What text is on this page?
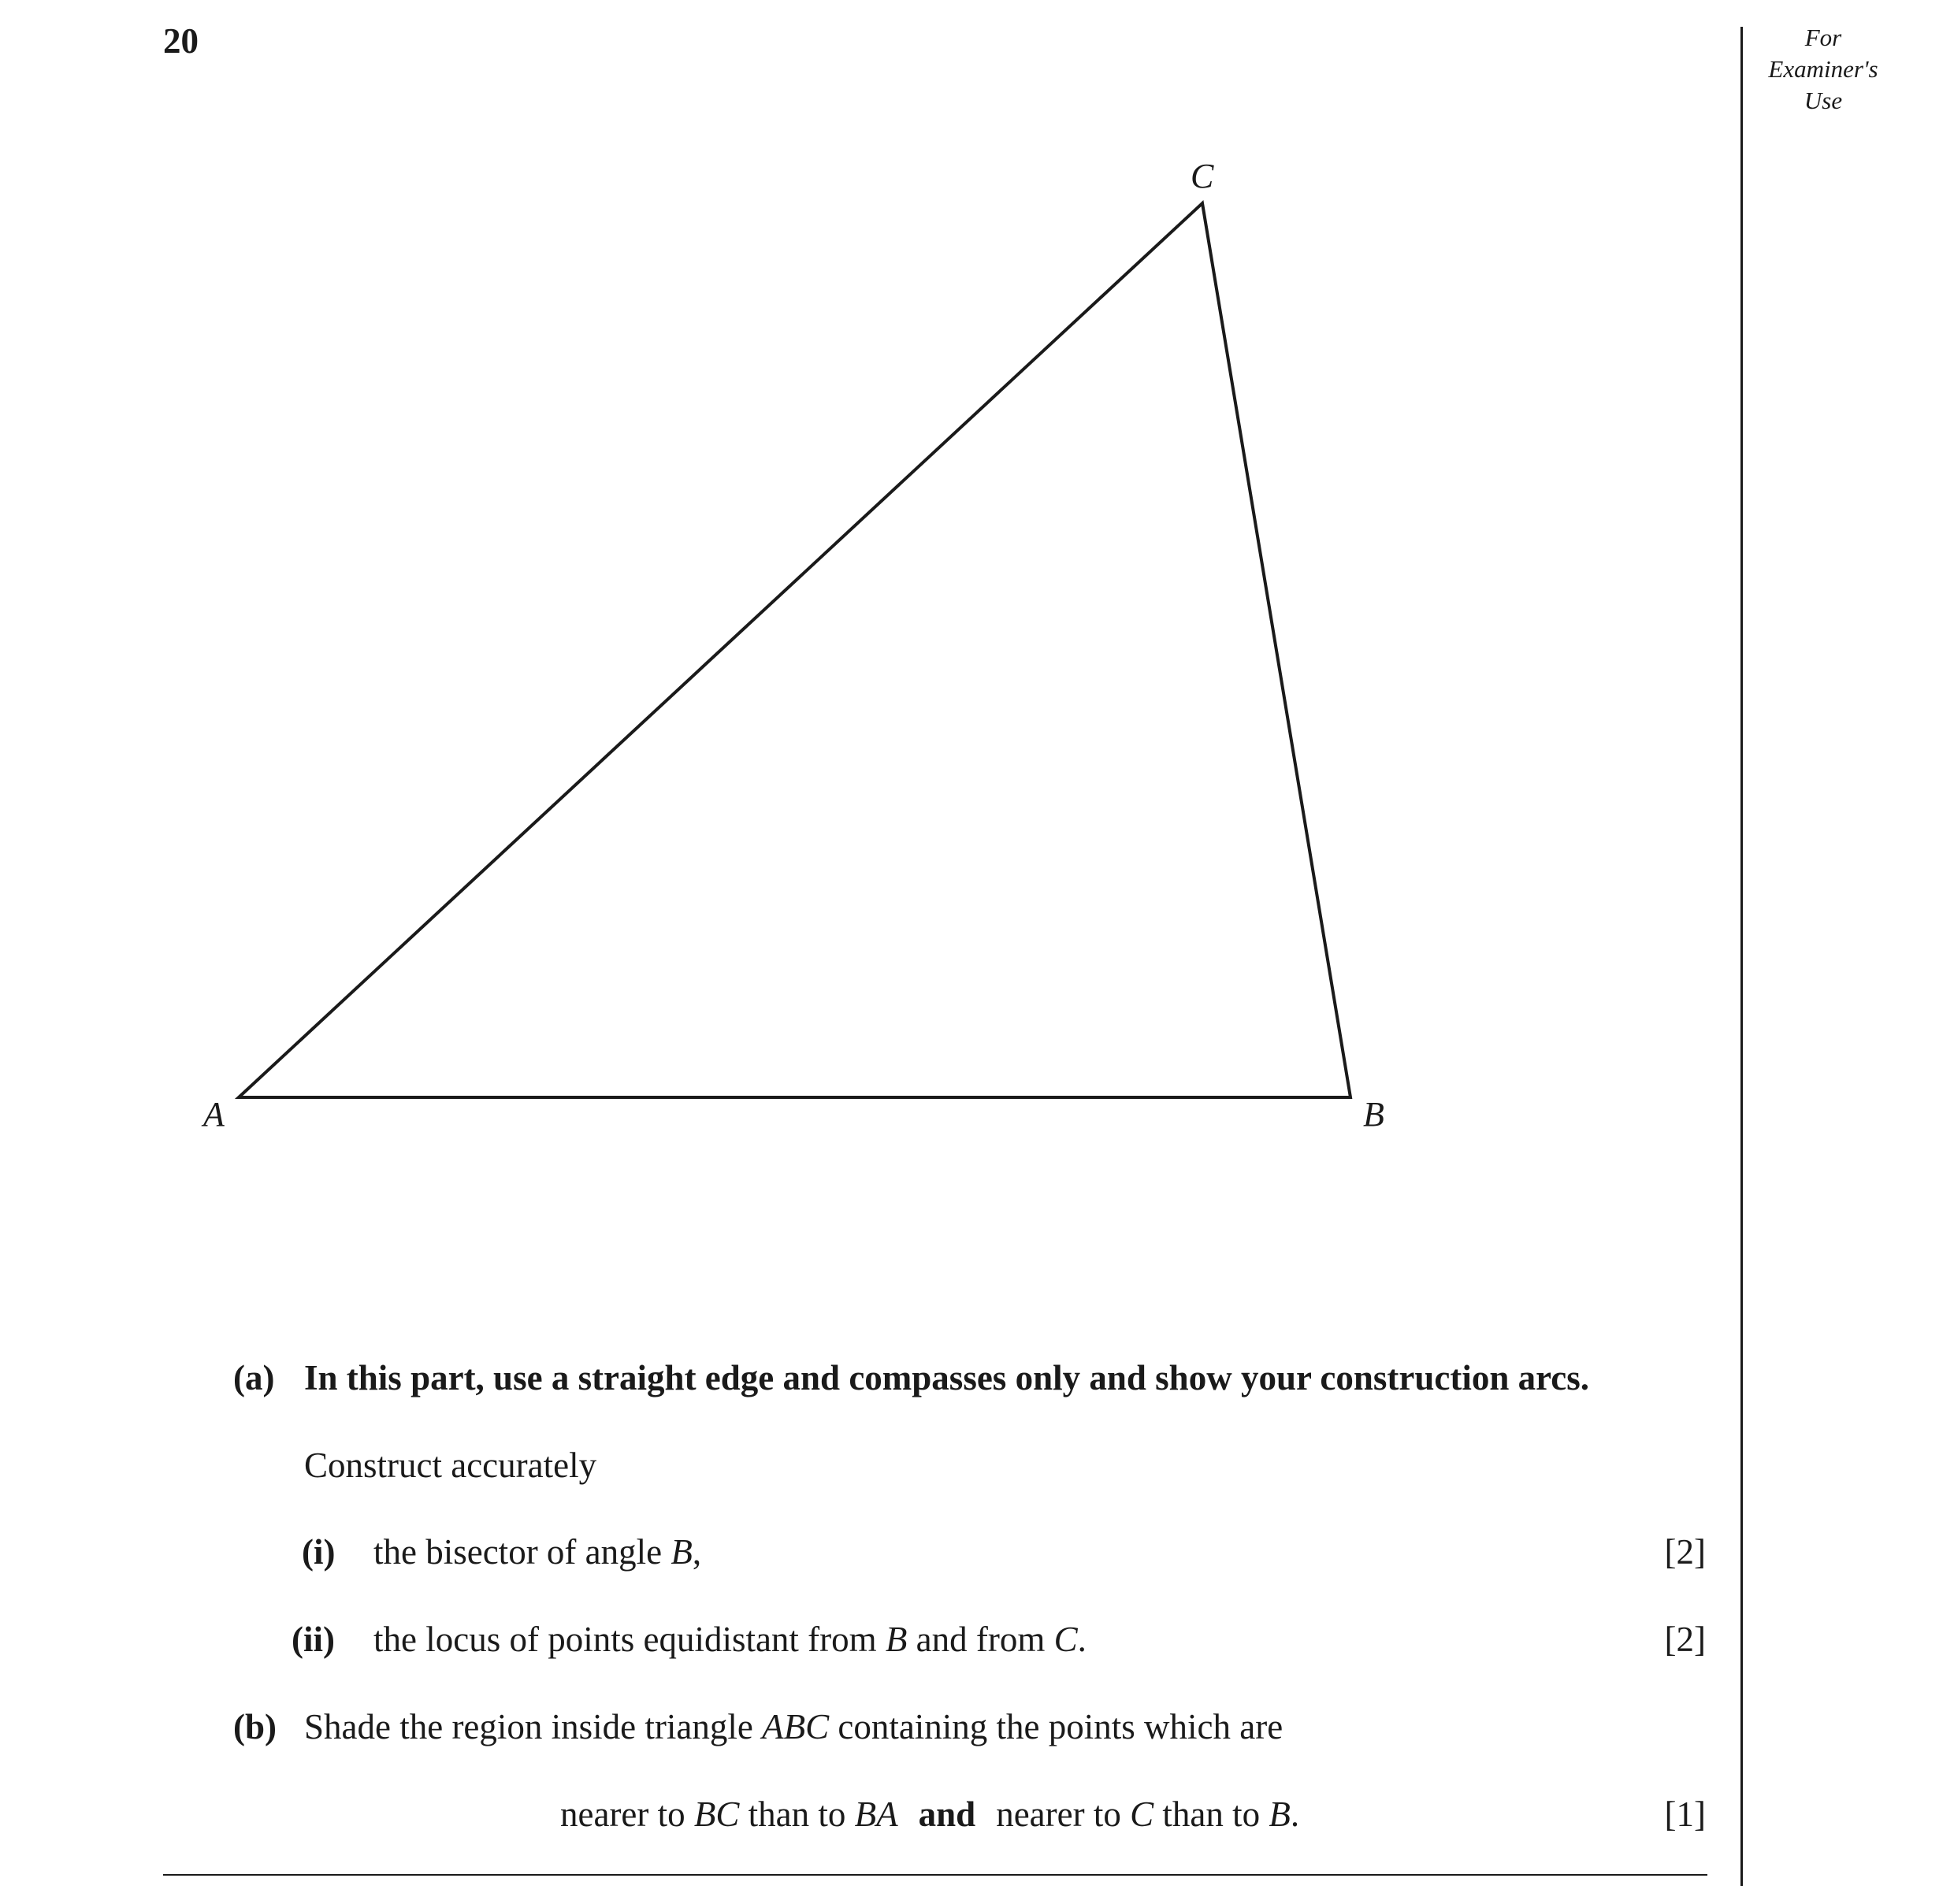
20	For
Examiner's
Use
A	B
C
(a) In this part, use a straight edge and compasses only and show your construction arcs.
Construct accurately
(i) the bisector of angle B,	[2]
(ii) the locus of points equidistant from B and from C.	[2]
(b) Shade the region inside triangle ABC containing the points which are
nearer to BC than to BA and nearer to C than to B.	[1]
